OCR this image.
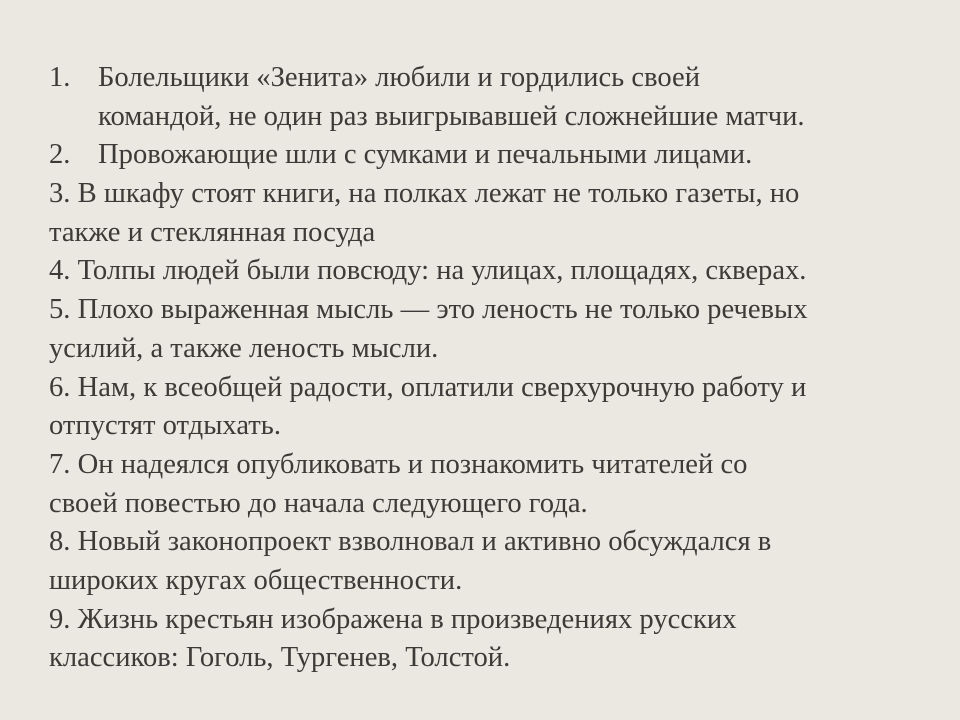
1. Болельщики «Зенита» любили и гордились своей
командой, не один раз выигрывавшей сложнейшие матчи.
2. Провожающие шли с сумками и печальными лицами.
3. В шкафу стоят книги, на полках лежат не только газеты, но
также и стеклянная посуда
4. Толпы людей были повсюду: на улицах, площадях, скверах.
5. Плохо выраженная мысль — это леность не только речевых
усилий, а также леность мысли.
6. Нам, к всеобщей радости, оплатили сверхурочную работу и
отпустят отдыхать.
7. Он надеялся опубликовать и познакомить читателей со
своей повестью до начала следующего года.
8. Новый законопроект взволновал и активно обсуждался в
широких кругах общественности.
9. Жизнь крестьян изображена в произведениях русских
классиков: Гоголь, Тургенев, Толстой.
